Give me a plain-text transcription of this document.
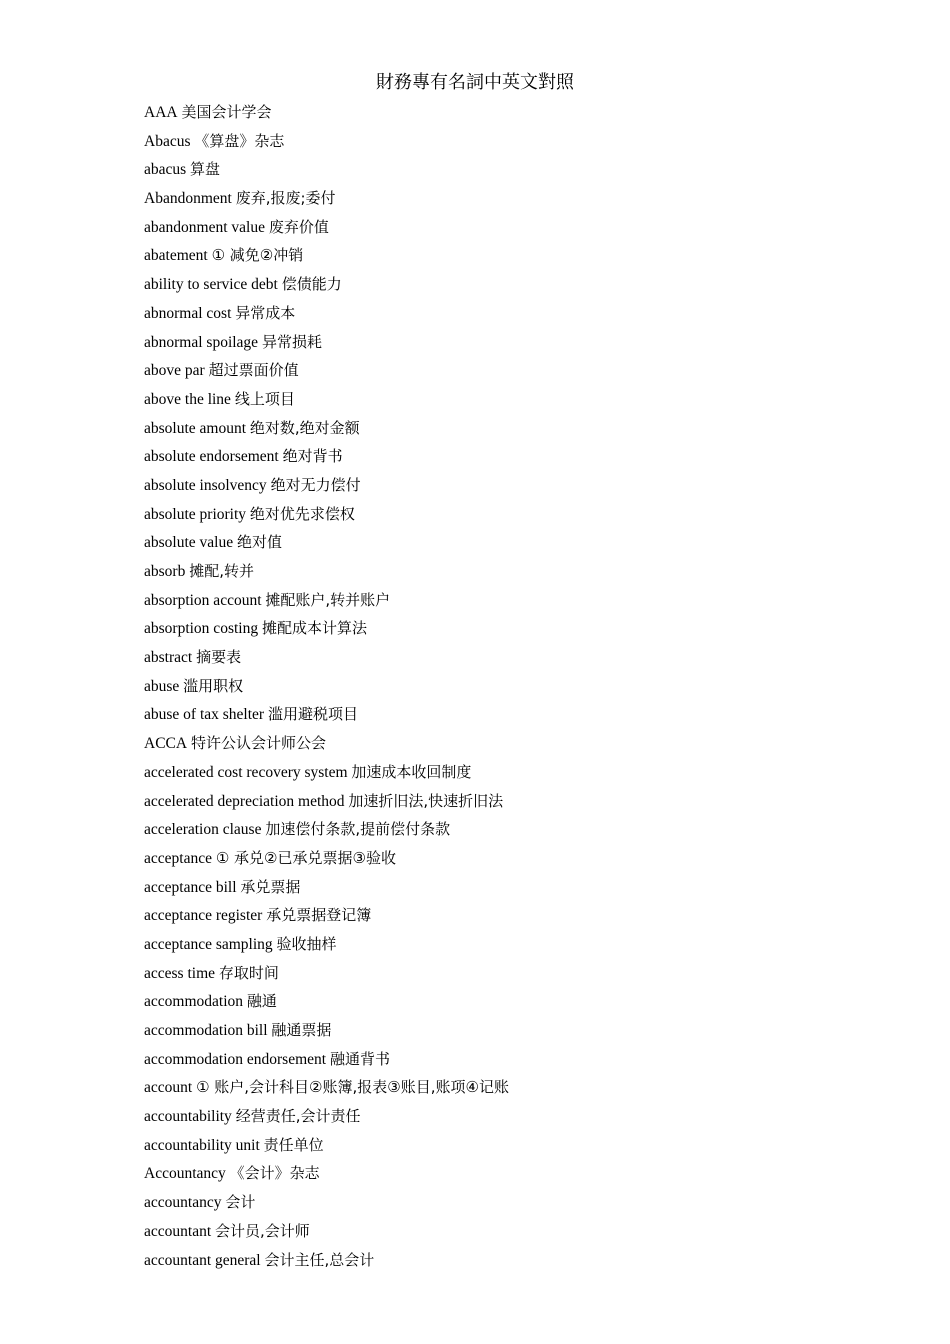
財務專有名詞中英文對照
AAA 美国会计学会
Abacus 《算盘》杂志
abacus 算盘
Abandonment 废弃,报废;委付
abandonment value 废弃价值
abatement ① 减免②冲销
ability to service debt 偿债能力
abnormal cost 异常成本
abnormal spoilage 异常损耗
above par 超过票面价值
above the line 线上项目
absolute amount 绝对数,绝对金额
absolute endorsement 绝对背书
absolute insolvency 绝对无力偿付
absolute priority 绝对优先求偿权
absolute value 绝对值
absorb 摊配,转并
absorption account 摊配账户,转并账户
absorption costing 摊配成本计算法
abstract 摘要表
abuse 滥用职权
abuse of tax shelter 滥用避税项目
ACCA 特许公认会计师公会
accelerated cost recovery system 加速成本收回制度
accelerated depreciation method 加速折旧法,快速折旧法
acceleration clause 加速偿付条款,提前偿付条款
acceptance ① 承兑②已承兑票据③验收
acceptance bill 承兑票据
acceptance register 承兑票据登记簿
acceptance sampling 验收抽样
access time 存取时间
accommodation 融通
accommodation bill 融通票据
accommodation endorsement 融通背书
account ① 账户,会计科目②账簿,报表③账目,账项④记账
accountability 经营责任,会计责任
accountability unit 责任单位
Accountancy 《会计》杂志
accountancy 会计
accountant 会计员,会计师
accountant general 会计主任,总会计
